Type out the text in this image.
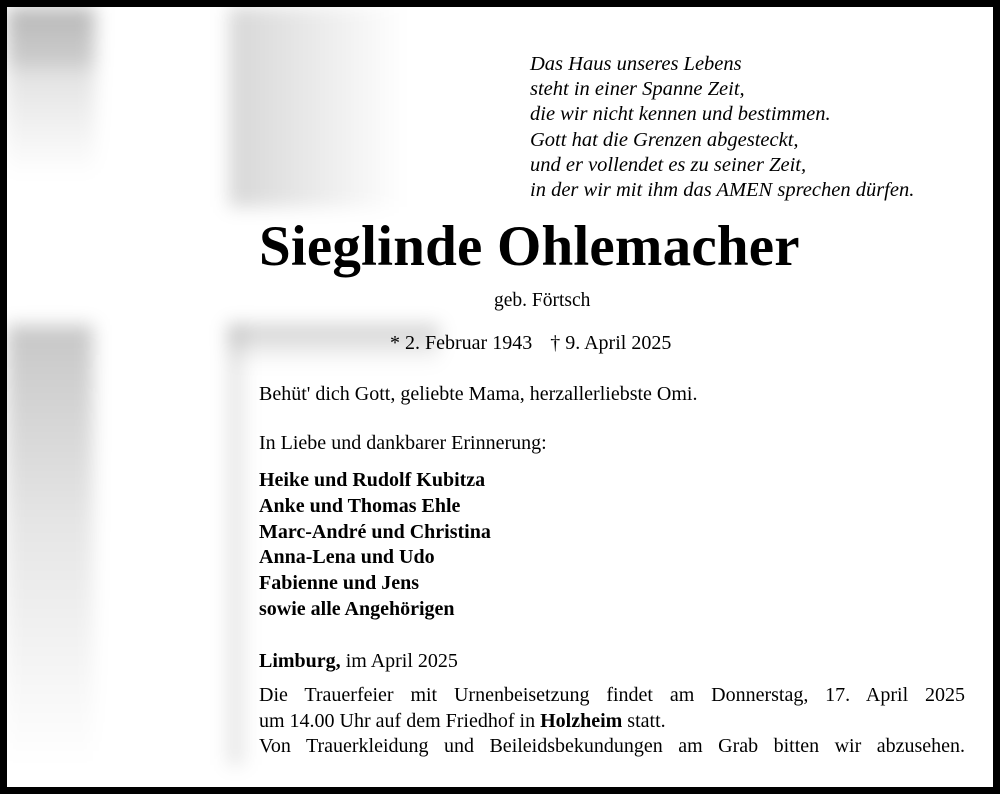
Das Haus unseres Lebens
steht in einer Spanne Zeit,
die wir nicht kennen und bestimmen.
Gott hat die Grenzen abgesteckt,
und er vollendet es zu seiner Zeit,
in der wir mit ihm das AMEN sprechen dürfen.
Sieglinde Ohlemacher
geb. Förtsch
* 2. Februar 1943 † 9. April 2025
Behüt' dich Gott, geliebte Mama, herzallerliebste Omi.
In Liebe und dankbarer Erinnerung:
Heike und Rudolf Kubitza
Anke und Thomas Ehle
Marc-André und Christina
Anna-Lena und Udo
Fabienne und Jens
sowie alle Angehörigen
Limburg, im April 2025
Die Trauerfeier mit Urnenbeisetzung findet am Donnerstag, 17. April 2025
um 14.00 Uhr auf dem Friedhof in Holzheim statt.
Von Trauerkleidung und Beileidsbekundungen am Grab bitten wir abzusehen.
